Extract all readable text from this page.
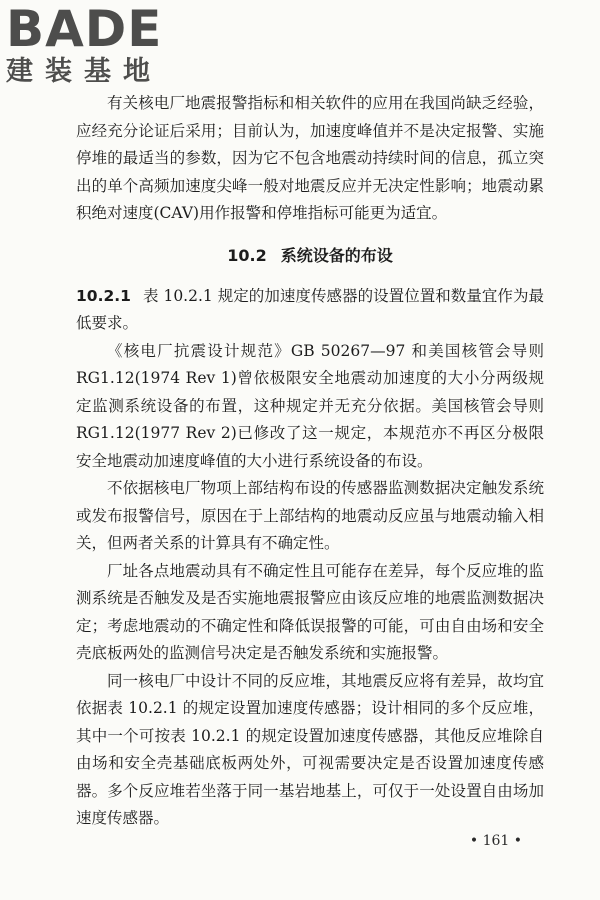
BADE
建装基地

有关核电厂地震报警指标和相关软件的应用在我国尚缺乏经验，应经充分论证后采用；目前认为，加速度峰值并不是决定报警、实施停堆的最适当的参数，因为它不包含地震动持续时间的信息，孤立突出的单个高频加速度尖峰一般对地震反应并无决定性影响；地震动累积绝对速度(CAV)用作报警和停堆指标可能更为适宜。

10.2 系统设备的布设

10.2.1 表 10.2.1 规定的加速度传感器的设置位置和数量宜作为最低要求。

《核电厂抗震设计规范》GB 50267—97 和美国核管会导则 RG1.12(1974 Rev 1)曾依极限安全地震动加速度的大小分两级规定监测系统设备的布置，这种规定并无充分依据。美国核管会导则 RG1.12(1977 Rev 2)已修改了这一规定，本规范亦不再区分极限安全地震动加速度峰值的大小进行系统设备的布设。

不依据核电厂物项上部结构布设的传感器监测数据决定触发系统或发布报警信号，原因在于上部结构的地震动反应虽与地震动输入相关，但两者关系的计算具有不确定性。

厂址各点地震动具有不确定性且可能存在差异，每个反应堆的监测系统是否触发及是否实施地震报警应由该反应堆的地震监测数据决定；考虑地震动的不确定性和降低误报警的可能，可由自由场和安全壳底板两处的监测信号决定是否触发系统和实施报警。

同一核电厂中设计不同的反应堆，其地震反应将有差异，故均宜依据表 10.2.1 的规定设置加速度传感器；设计相同的多个反应堆，其中一个可按表 10.2.1 的规定设置加速度传感器，其他反应堆除自由场和安全壳基础底板两处外，可视需要决定是否设置加速度传感器。多个反应堆若坐落于同一基岩地基上，可仅于一处设置自由场加速度传感器。

• 161 •
